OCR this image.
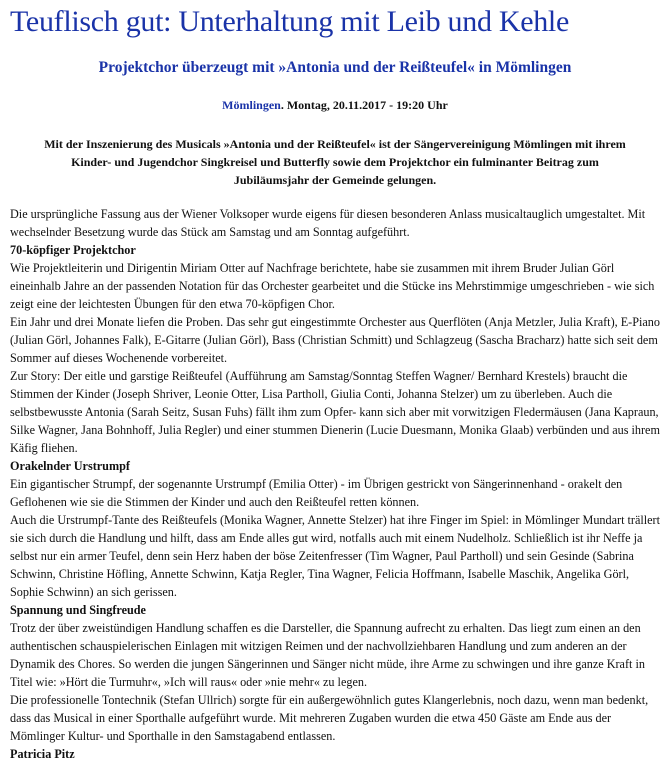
Teuflisch gut: Unterhaltung mit Leib und Kehle
Projektchor überzeugt mit »Antonia und der Reißteufel« in Mömlingen
Mömlingen. Montag, 20.11.2017 - 19:20 Uhr
Mit der Inszenierung des Musicals »Antonia und der Reißteufel« ist der Sängervereinigung Mömlingen mit ihrem Kinder- und Jugendchor Singkreisel und Butterfly sowie dem Projektchor ein fulminanter Beitrag zum Jubiläumsjahr der Gemeinde gelungen.

Die ursprüngliche Fassung aus der Wiener Volksoper wurde eigens für diesen besonderen Anlass musicaltauglich umgestaltet. Mit wechselnder Besetzung wurde das Stück am Samstag und am Sonntag aufgeführt.

70-köpfiger Projektchor

Wie Projektleiterin und Dirigentin Miriam Otter auf Nachfrage berichtete, habe sie zusammen mit ihrem Bruder Julian Görl eineinhalb Jahre an der passenden Notation für das Orchester gearbeitet und die Stücke ins Mehrstimmige umgeschrieben - wie sich zeigt eine der leichtesten Übungen für den etwa 70-köpfigen Chor.

Ein Jahr und drei Monate liefen die Proben. Das sehr gut eingestimmte Orchester aus Querflöten (Anja Metzler, Julia Kraft), E-Piano (Julian Görl, Johannes Falk), E-Gitarre (Julian Görl), Bass (Christian Schmitt) und Schlagzeug (Sascha Bracharz) hatte sich seit dem Sommer auf dieses Wochenende vorbereitet.

Zur Story: Der eitle und garstige Reißteufel (Aufführung am Samstag/Sonntag Steffen Wagner/ Bernhard Krestels) braucht die Stimmen der Kinder (Joseph Shriver, Leonie Otter, Lisa Partholl, Giulia Conti, Johanna Stelzer) um zu überleben. Auch die selbstbewusste Antonia (Sarah Seitz, Susan Fuhs) fällt ihm zum Opfer- kann sich aber mit vorwitzigen Fledermäusen (Jana Kapraun, Silke Wagner, Jana Bohnhoff, Julia Regler) und einer stummen Dienerin (Lucie Duesmann, Monika Glaab) verbünden und aus ihrem Käfig fliehen.

Orakelnder Urstrumpf

Ein gigantischer Strumpf, der sogenannte Urstrumpf (Emilia Otter) - im Übrigen gestrickt von Sängerinnenhand - orakelt den Geflohenen wie sie die Stimmen der Kinder und auch den Reißteufel retten können.

Auch die Urstrumpf-Tante des Reißteufels (Monika Wagner, Annette Stelzer) hat ihre Finger im Spiel: in Mömlinger Mundart trällert sie sich durch die Handlung und hilft, dass am Ende alles gut wird, notfalls auch mit einem Nudelholz. Schließlich ist ihr Neffe ja selbst nur ein armer Teufel, denn sein Herz haben der böse Zeitenfresser (Tim Wagner, Paul Partholl) und sein Gesinde (Sabrina Schwinn, Christine Höfling, Annette Schwinn, Katja Regler, Tina Wagner, Felicia Hoffmann, Isabelle Maschik, Angelika Görl, Sophie Schwinn) an sich gerissen.

Spannung und Singfreude

Trotz der über zweistündigen Handlung schaffen es die Darsteller, die Spannung aufrecht zu erhalten. Das liegt zum einen an den authentischen schauspielerischen Einlagen mit witzigen Reimen und der nachvollziehbaren Handlung und zum anderen an der Dynamik des Chores. So werden die jungen Sängerinnen und Sänger nicht müde, ihre Arme zu schwingen und ihre ganze Kraft in Titel wie: »Hört die Turmuhr«, »Ich will raus« oder »nie mehr« zu legen.

Die professionelle Tontechnik (Stefan Ullrich) sorgte für ein außergewöhnlich gutes Klangerlebnis, noch dazu, wenn man bedenkt, dass das Musical in einer Sporthalle aufgeführt wurde. Mit mehreren Zugaben wurden die etwa 450 Gäste am Ende aus der Mömlinger Kultur- und Sporthalle in den Samstagabend entlassen.

Patricia Pitz
